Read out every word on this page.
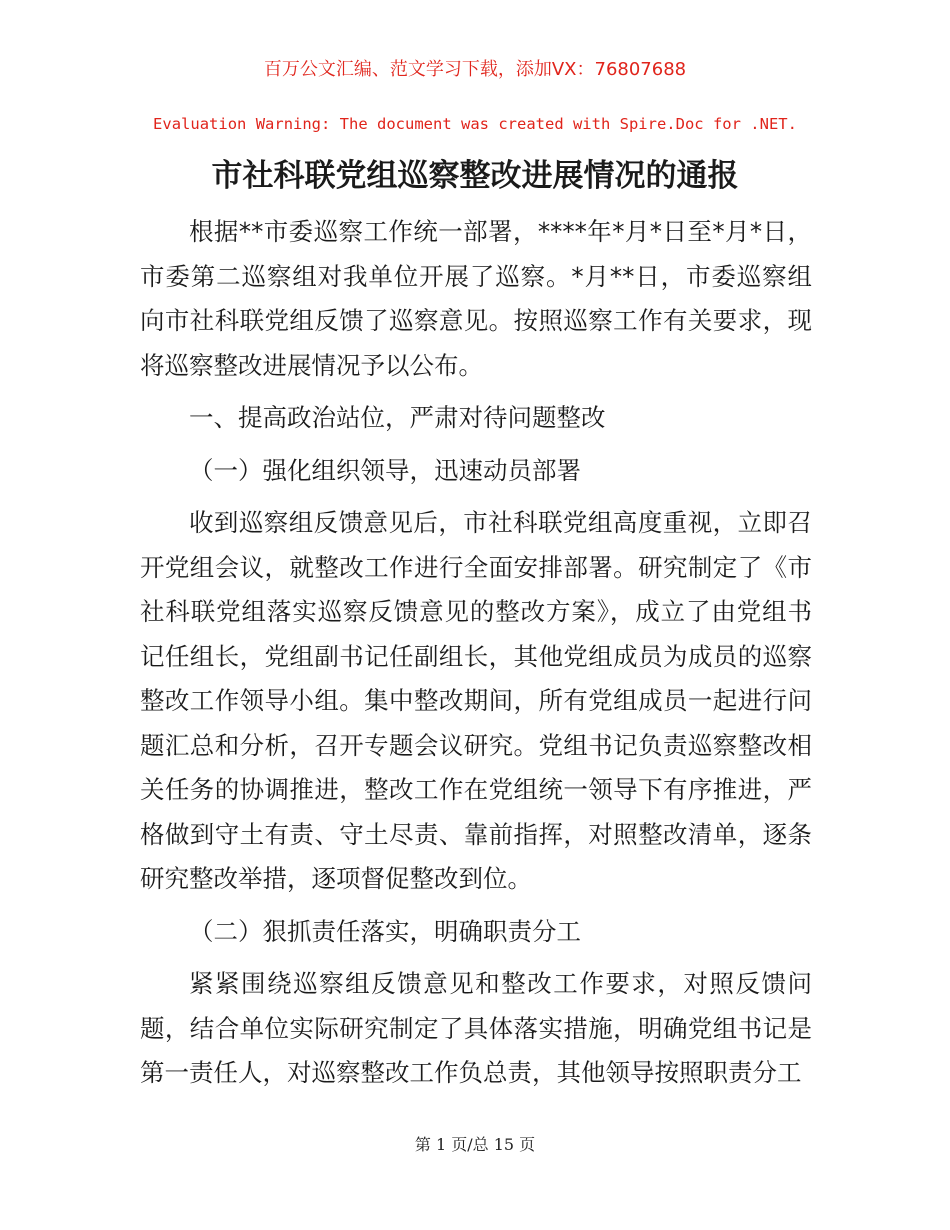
百万公文汇编、范文学习下载，添加VX：76807688
Evaluation Warning: The document was created with Spire.Doc for .NET.
市社科联党组巡察整改进展情况的通报

根据**市委巡察工作统一部署，****年*月*日至*月*日，市委第二巡察组对我单位开展了巡察。*月**日，市委巡察组向市社科联党组反馈了巡察意见。按照巡察工作有关要求，现将巡察整改进展情况予以公布。

一、提高政治站位，严肃对待问题整改

（一）强化组织领导，迅速动员部署

收到巡察组反馈意见后，市社科联党组高度重视，立即召开党组会议，就整改工作进行全面安排部署。研究制定了《市社科联党组落实巡察反馈意见的整改方案》，成立了由党组书记任组长，党组副书记任副组长，其他党组成员为成员的巡察整改工作领导小组。集中整改期间，所有党组成员一起进行问题汇总和分析，召开专题会议研究。党组书记负责巡察整改相关任务的协调推进，整改工作在党组统一领导下有序推进，严格做到守土有责、守土尽责、靠前指挥，对照整改清单，逐条研究整改举措，逐项督促整改到位。

（二）狠抓责任落实，明确职责分工

紧紧围绕巡察组反馈意见和整改工作要求，对照反馈问题，结合单位实际研究制定了具体落实措施，明确党组书记是第一责任人，对巡察整改工作负总责，其他领导按照职责分工

第 1 页/总 15 页
